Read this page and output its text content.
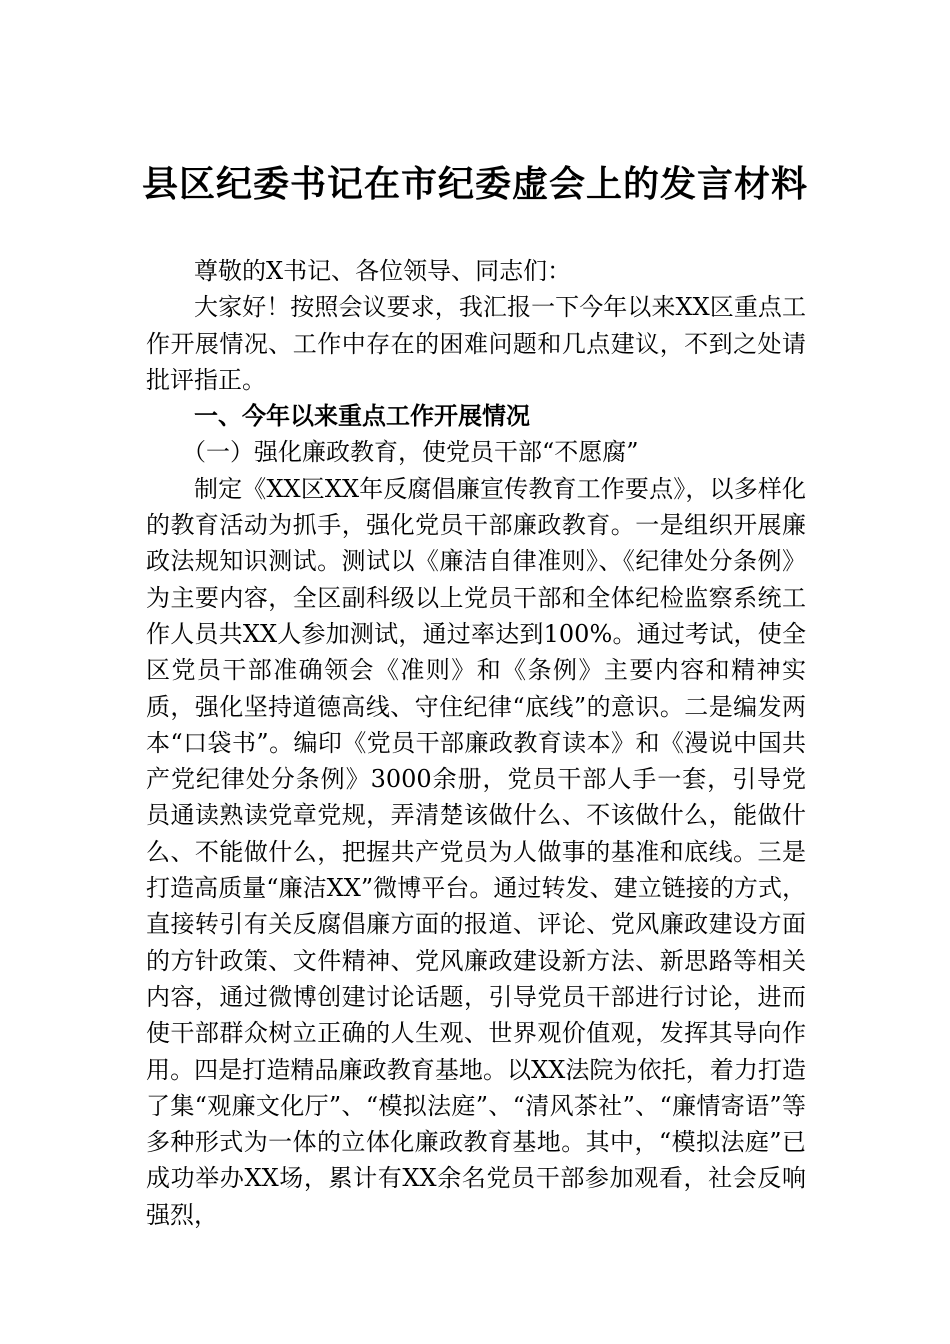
县区纪委书记在市纪委虚会上的发言材料

尊敬的X书记、各位领导、同志们：

大家好！按照会议要求，我汇报一下今年以来XX区重点工作开展情况、工作中存在的困难问题和几点建议，不到之处请批评指正。

一、今年以来重点工作开展情况

（一）强化廉政教育，使党员干部“不愿腐”

制定《XX区XX年反腐倡廉宣传教育工作要点》，以多样化的教育活动为抓手，强化党员干部廉政教育。一是组织开展廉政法规知识测试。测试以《廉洁自律准则》、《纪律处分条例》为主要内容，全区副科级以上党员干部和全体纪检监察系统工作人员共XX人参加测试，通过率达到100%。通过考试，使全区党员干部准确领会《准则》和《条例》主要内容和精神实质，强化坚持道德高线、守住纪律“底线”的意识。二是编发两本“口袋书”。编印《党员干部廉政教育读本》和《漫说中国共产党纪律处分条例》3000余册，党员干部人手一套，引导党员通读熟读党章党规，弄清楚该做什么、不该做什么，能做什么、不能做什么，把握共产党员为人做事的基准和底线。三是打造高质量“廉洁XX”微博平台。通过转发、建立链接的方式，直接转引有关反腐倡廉方面的报道、评论、党风廉政建设方面的方针政策、文件精神、党风廉政建设新方法、新思路等相关内容，通过微博创建讨论话题，引导党员干部进行讨论，进而使干部群众树立正确的人生观、世界观价值观，发挥其导向作用。四是打造精品廉政教育基地。以XX法院为依托，着力打造了集“观廉文化厅”、“模拟法庭”、“清风茶社”、“廉情寄语”等多种形式为一体的立体化廉政教育基地。其中，“模拟法庭”已成功举办XX场，累计有XX余名党员干部参加观看，社会反响强烈，
